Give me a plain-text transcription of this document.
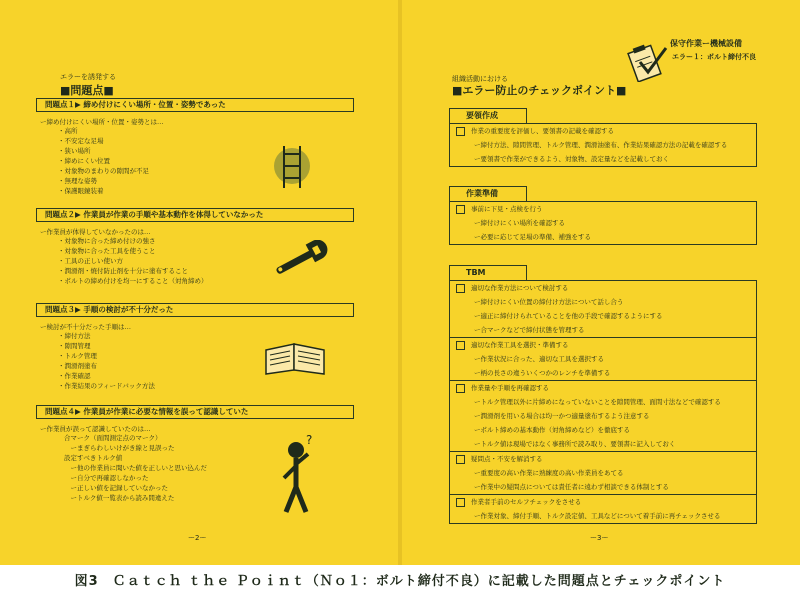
エラーを誘発する
■問題点■
問題点１▶ 締め付けにくい場所・位置・姿勢であった
ー締め付けにくい場所・位置・姿勢とは…
・ 高所
・ 不安定な足場
・ 狭い場所
・ 締めにくい位置
・ 対象物のまわりの隙間が不足
・ 無理な姿勢
・ 保護眼鏡装着
問題点２▶ 作業員が作業の手順や基本動作を体得していなかった
ー作業員が体得していなかったのは…
・ 対象物に合った締め付けの強さ
・ 対象物に合った工具を使うこと
・ 工具の正しい使い方
・ 潤滑剤・焼付防止剤を十分に塗布すること
・ ボルトの締め付けを均一にすること（対角締め）
問題点３▶ 手順の検討が不十分だった
ー検討が不十分だった手順は…
・ 締付方法
・ 隙間管理
・ トルク管理
・ 潤滑剤塗布
・ 作業確認
・ 作業結果のフィードバック方法
問題点４▶ 作業員が作業に必要な情報を誤って認識していた
ー作業員が誤って認識していたのは…
合マーク（面間測定点のマーク）
　ーまぎらわしいけがき線と見誤った
設定すべきトルク値
　ー他の作業員に聞いた値を正しいと思い込んだ
　ー自分で再確認しなかった
　ー正しい値を記録していなかった
　ートルク値一覧表から読み間違えた
?
ー2ー
保守作業ー機械設備
エラー１：ボルト締付不良
組織活動における
■エラー防止のチェックポイント■
要領作成
作業の重要度を評価し、要領書の記載を確認する
ー締付方法、隙間管理、トルク管理、潤滑油塗布、作業結果確認方法の記載を確認する
ー要領書で作業ができるよう、対象物、設定量などを記載しておく
作業準備
事前に下見・点検を行う
ー締付けにくい場所を確認する
ー必要に応じて足場の準備、補強をする
TBM
適切な作業方法について検討する
ー締付けにくい位置の締付け方法について話し合う
ー適正に締付けられていることを他の手段で確認するようにする
ー合マークなどで締付状態を管理する
適切な作業工具を選択・準備する
ー作業状況に合った、適切な工具を選択する
ー柄の長さの違ういくつかのレンチを準備する
作業量や手順を再確認する
ートルク管理以外に片締めになっていないことを隙間管理、面間寸法などで確認する
ー潤滑剤を用いる場合は均一かつ適量塗布するよう注意する
ーボルト締めの基本動作（対角締めなど）を徹底する
ートルク値は現場ではなく事務所で読み取り、要領書に記入しておく
疑問点・不安を解消する
ー重要度の高い作業に熟練度の高い作業員をあてる
ー作業中の疑問点については責任者に遠わず相談できる体制とする
作業者手前のセルフチェックをさせる
ー作業対象、締付手順、トルク設定値、工具などについて着手前に再チェックさせる
ー3ー
図3　Ｃａｔｃｈ ｔｈｅ Ｐｏｉｎｔ（Ｎｏ１：ボルト締付不良）に記載した問題点とチェックポイント
